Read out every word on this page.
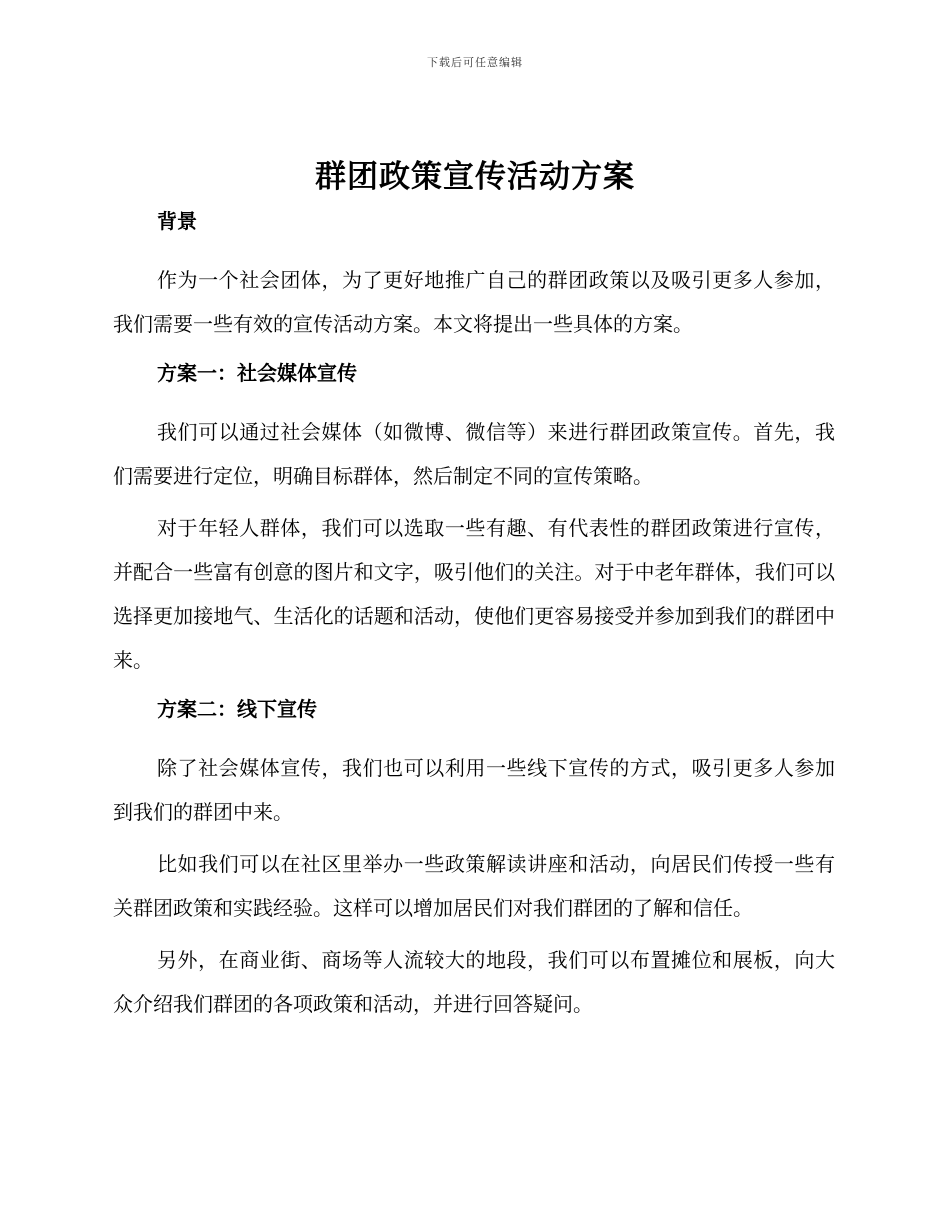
下载后可任意编辑
群团政策宣传活动方案

背景

作为一个社会团体，为了更好地推广自己的群团政策以及吸引更多人参加，我们需要一些有效的宣传活动方案。本文将提出一些具体的方案。

方案一：社会媒体宣传

我们可以通过社会媒体（如微博、微信等）来进行群团政策宣传。首先，我们需要进行定位，明确目标群体，然后制定不同的宣传策略。

对于年轻人群体，我们可以选取一些有趣、有代表性的群团政策进行宣传，并配合一些富有创意的图片和文字，吸引他们的关注。对于中老年群体，我们可以选择更加接地气、生活化的话题和活动，使他们更容易接受并参加到我们的群团中来。

方案二：线下宣传

除了社会媒体宣传，我们也可以利用一些线下宣传的方式，吸引更多人参加到我们的群团中来。

比如我们可以在社区里举办一些政策解读讲座和活动，向居民们传授一些有关群团政策和实践经验。这样可以增加居民们对我们群团的了解和信任。

另外，在商业街、商场等人流较大的地段，我们可以布置摊位和展板，向大众介绍我们群团的各项政策和活动，并进行回答疑问。
